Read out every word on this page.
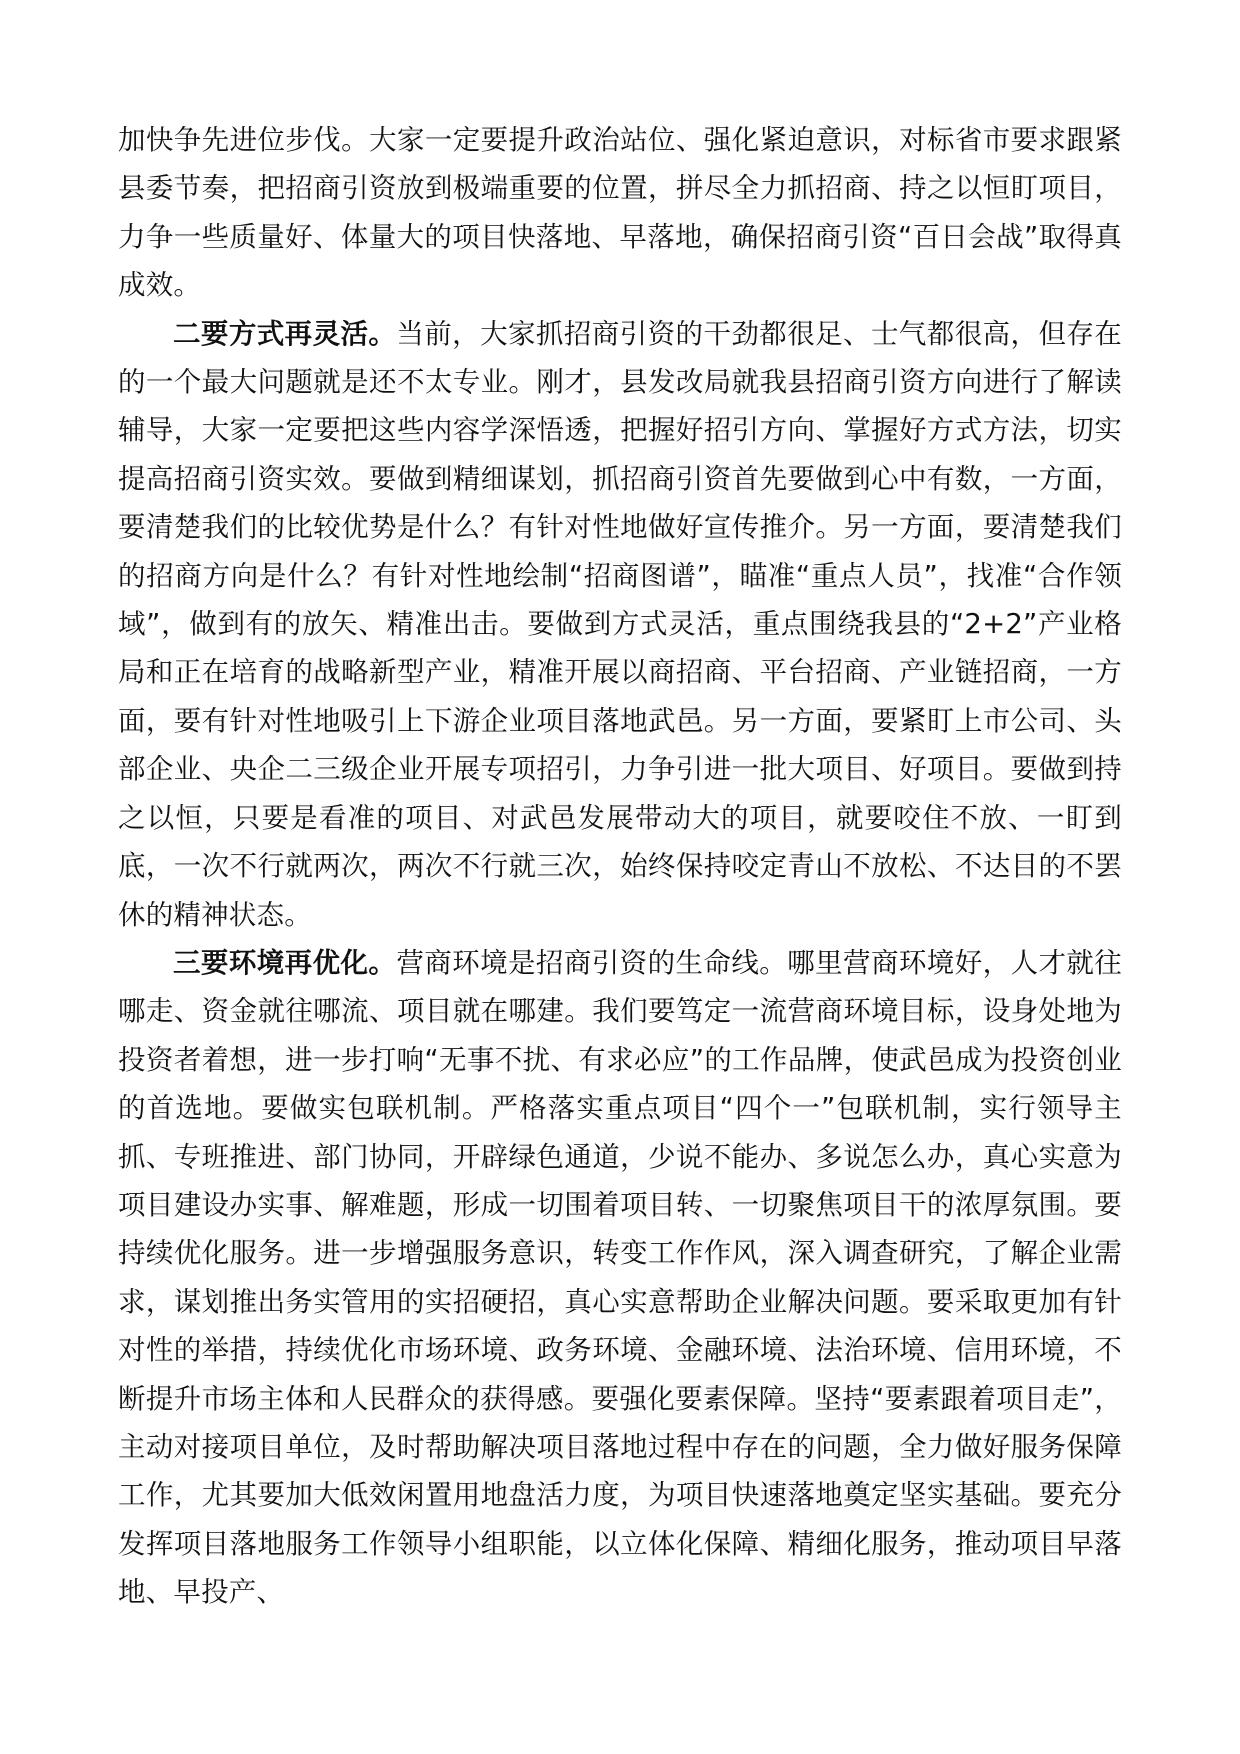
加快争先进位步伐。大家一定要提升政治站位、强化紧迫意识，对标省市要求跟紧县委节奏，把招商引资放到极端重要的位置，拼尽全力抓招商、持之以恒盯项目，力争一些质量好、体量大的项目快落地、早落地，确保招商引资“百日会战”取得真成效。

二要方式再灵活。当前，大家抓招商引资的干劲都很足、士气都很高，但存在的一个最大问题就是还不太专业。刚才，县发改局就我县招商引资方向进行了解读辅导，大家一定要把这些内容学深悟透，把握好招引方向、掌握好方式方法，切实提高招商引资实效。要做到精细谋划，抓招商引资首先要做到心中有数，一方面，要清楚我们的比较优势是什么？有针对性地做好宣传推介。另一方面，要清楚我们的招商方向是什么？有针对性地绘制“招商图谱”，瞄准“重点人员”，找准“合作领域”，做到有的放矢、精准出击。要做到方式灵活，重点围绕我县的“2+2”产业格局和正在培育的战略新型产业，精准开展以商招商、平台招商、产业链招商，一方面，要有针对性地吸引上下游企业项目落地武邑。另一方面，要紧盯上市公司、头部企业、央企二三级企业开展专项招引，力争引进一批大项目、好项目。要做到持之以恒，只要是看准的项目、对武邑发展带动大的项目，就要咬住不放、一盯到底，一次不行就两次，两次不行就三次，始终保持咬定青山不放松、不达目的不罢休的精神状态。

三要环境再优化。营商环境是招商引资的生命线。哪里营商环境好，人才就往哪走、资金就往哪流、项目就在哪建。我们要笃定一流营商环境目标，设身处地为投资者着想，进一步打响“无事不扰、有求必应”的工作品牌，使武邑成为投资创业的首选地。要做实包联机制。严格落实重点项目“四个一”包联机制，实行领导主抓、专班推进、部门协同，开辟绿色通道，少说不能办、多说怎么办，真心实意为项目建设办实事、解难题，形成一切围着项目转、一切聚焦项目干的浓厚氛围。要持续优化服务。进一步增强服务意识，转变工作作风，深入调查研究，了解企业需求，谋划推出务实管用的实招硬招，真心实意帮助企业解决问题。要采取更加有针对性的举措，持续优化市场环境、政务环境、金融环境、法治环境、信用环境，不断提升市场主体和人民群众的获得感。要强化要素保障。坚持“要素跟着项目走”，主动对接项目单位，及时帮助解决项目落地过程中存在的问题，全力做好服务保障工作，尤其要加大低效闲置用地盘活力度，为项目快速落地奠定坚实基础。要充分发挥项目落地服务工作领导小组职能，以立体化保障、精细化服务，推动项目早落地、早投产、
